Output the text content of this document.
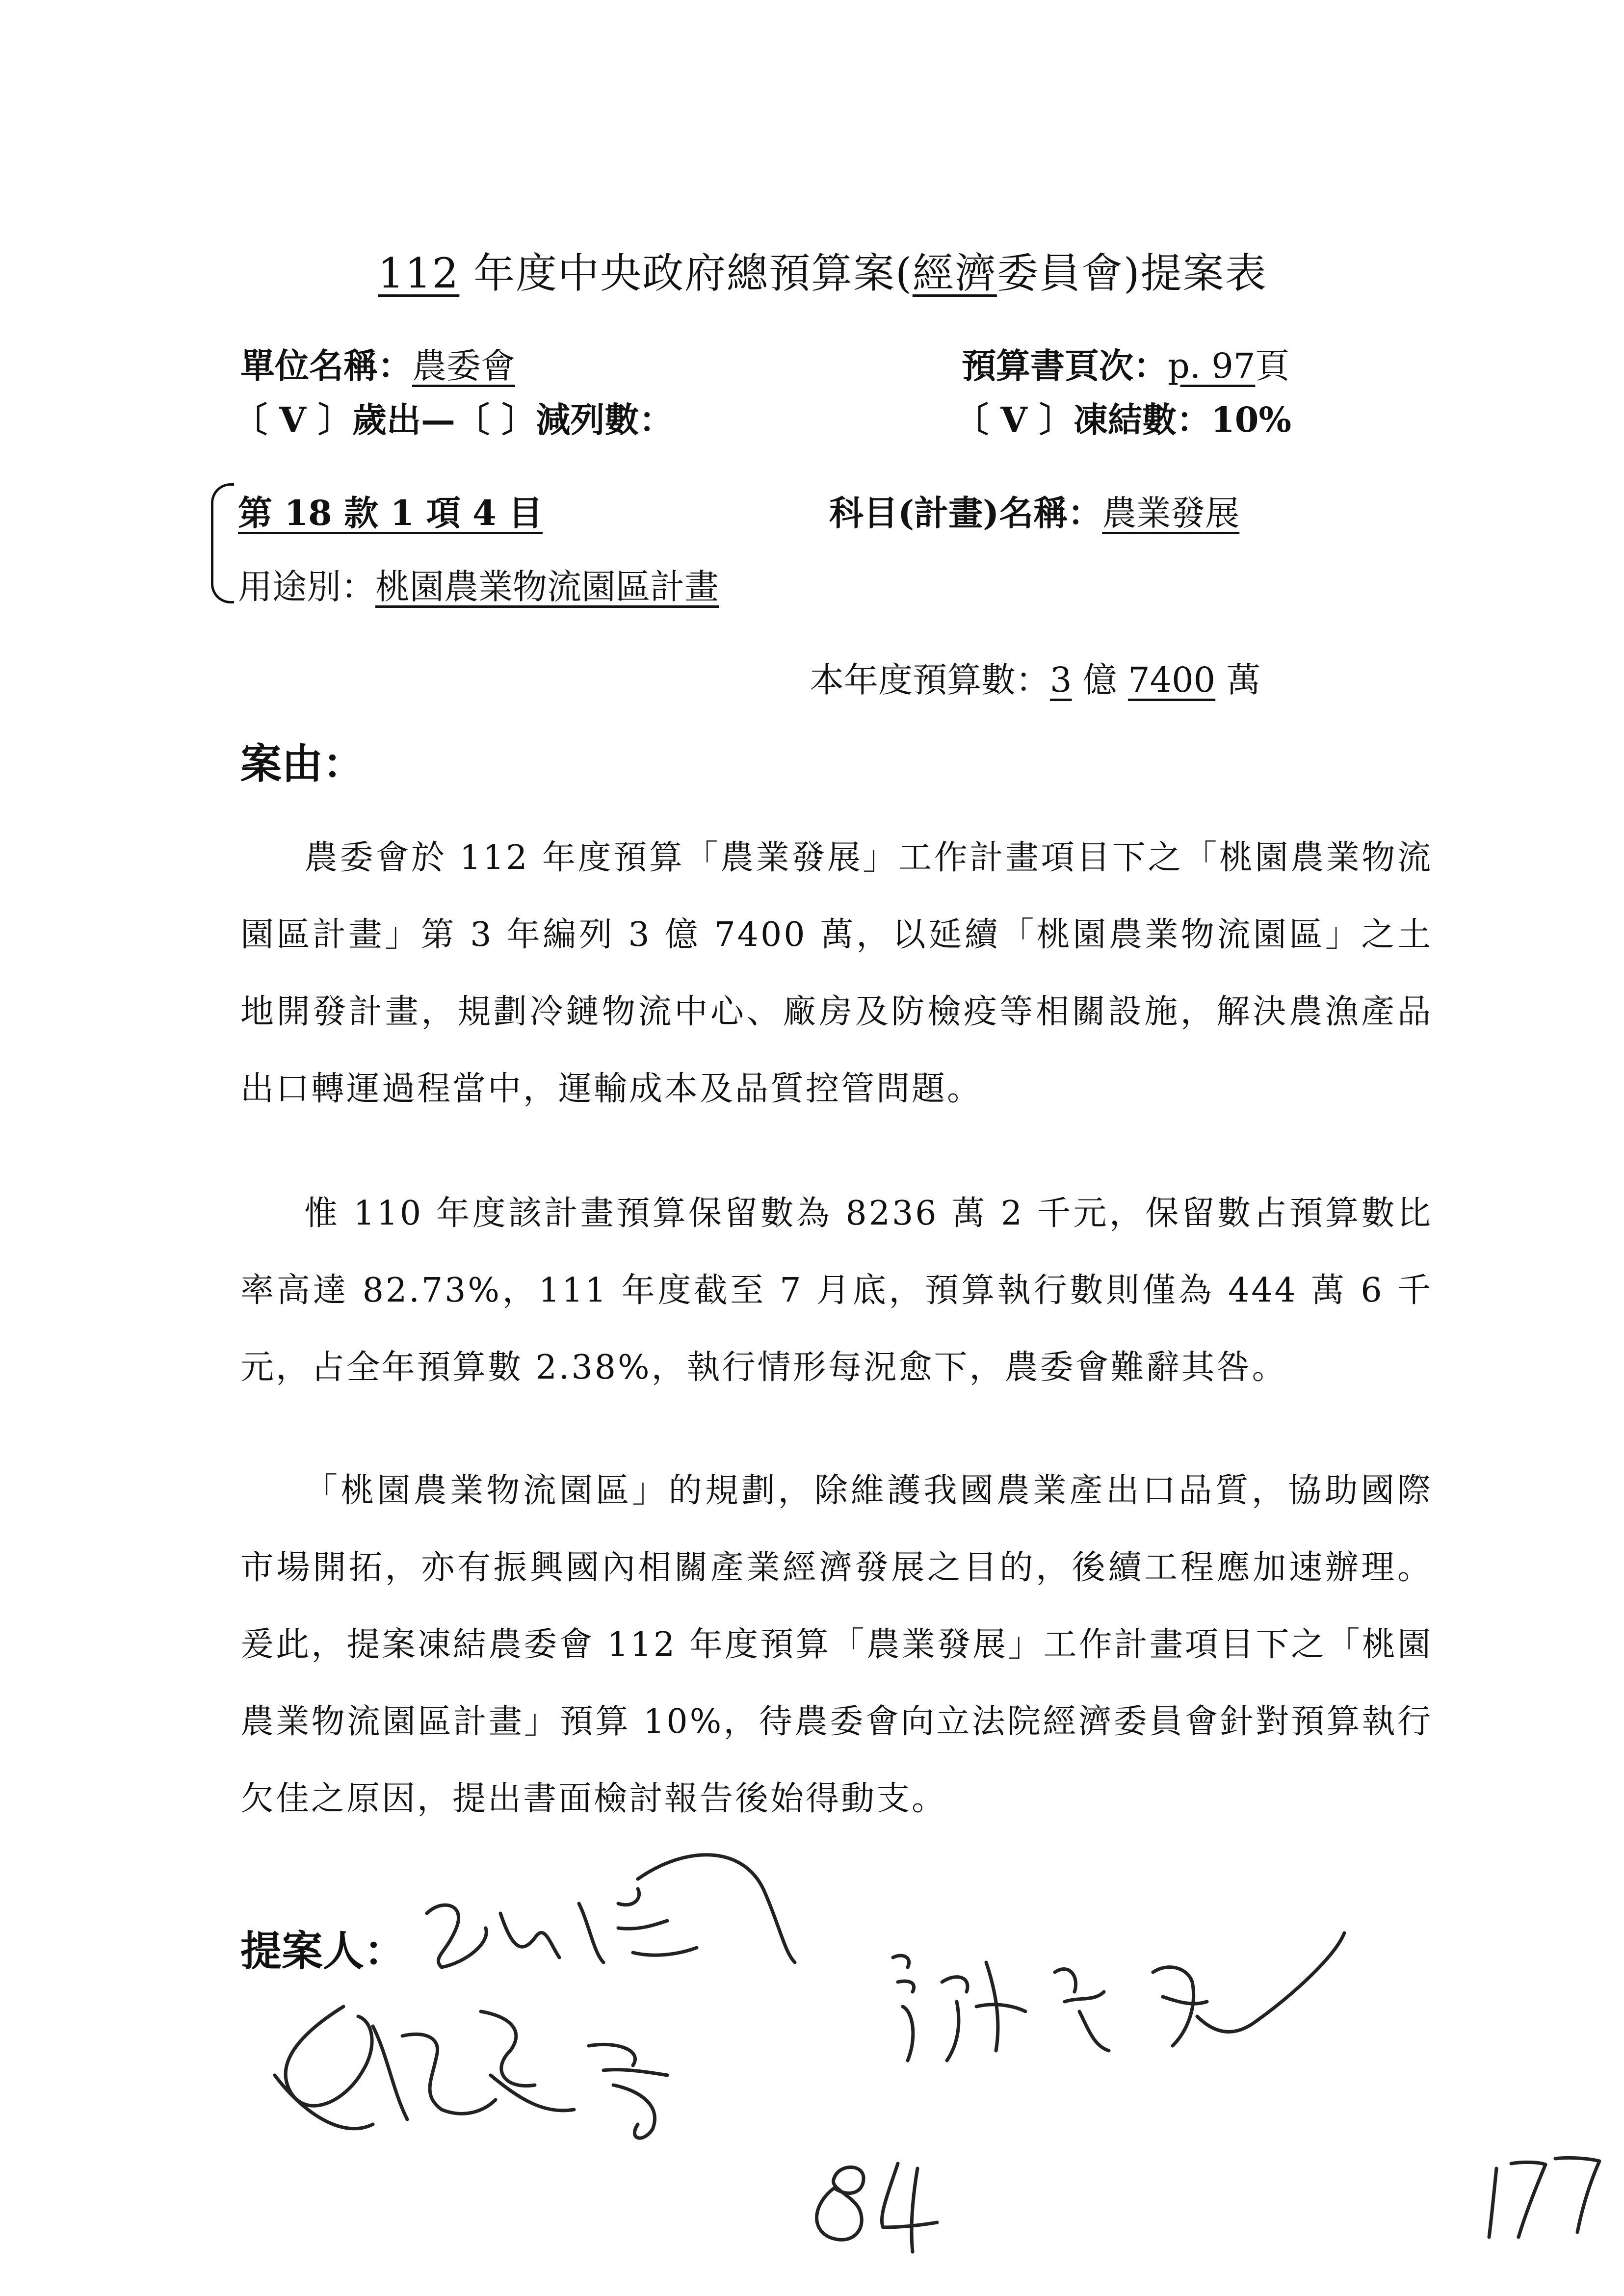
112 年度中央政府總預算案(經濟委員會)提案表
單位名稱：農委會	預算書頁次：p. 97頁
〔 V 〕歲出—〔 〕減列數：	〔 V 〕凍結數：10%
第 18 款 1 項 4 目	科目(計畫)名稱：農業發展
用途別：桃園農業物流園區計畫
本年度預算數：3 億 7400 萬
案由：

農委會於 112 年度預算「農業發展」工作計畫項目下之「桃園農業物流園區計畫」第 3 年編列 3 億 7400 萬，以延續「桃園農業物流園區」之土地開發計畫，規劃冷鏈物流中心、廠房及防檢疫等相關設施，解決農漁產品出口轉運過程當中，運輸成本及品質控管問題。

惟 110 年度該計畫預算保留數為 8236 萬 2 千元，保留數占預算數比率高達 82.73%，111 年度截至 7 月底，預算執行數則僅為 444 萬 6 千元，占全年預算數 2.38%，執行情形每況愈下，農委會難辭其咎。

「桃園農業物流園區」的規劃，除維護我國農業產出口品質，協助國際市場開拓，亦有振興國內相關產業經濟發展之目的，後續工程應加速辦理。爰此，提案凍結農委會 112 年度預算「農業發展」工作計畫項目下之「桃園農業物流園區計畫」預算 10%，待農委會向立法院經濟委員會針對預算執行欠佳之原因，提出書面檢討報告後始得動支。

提案人：
